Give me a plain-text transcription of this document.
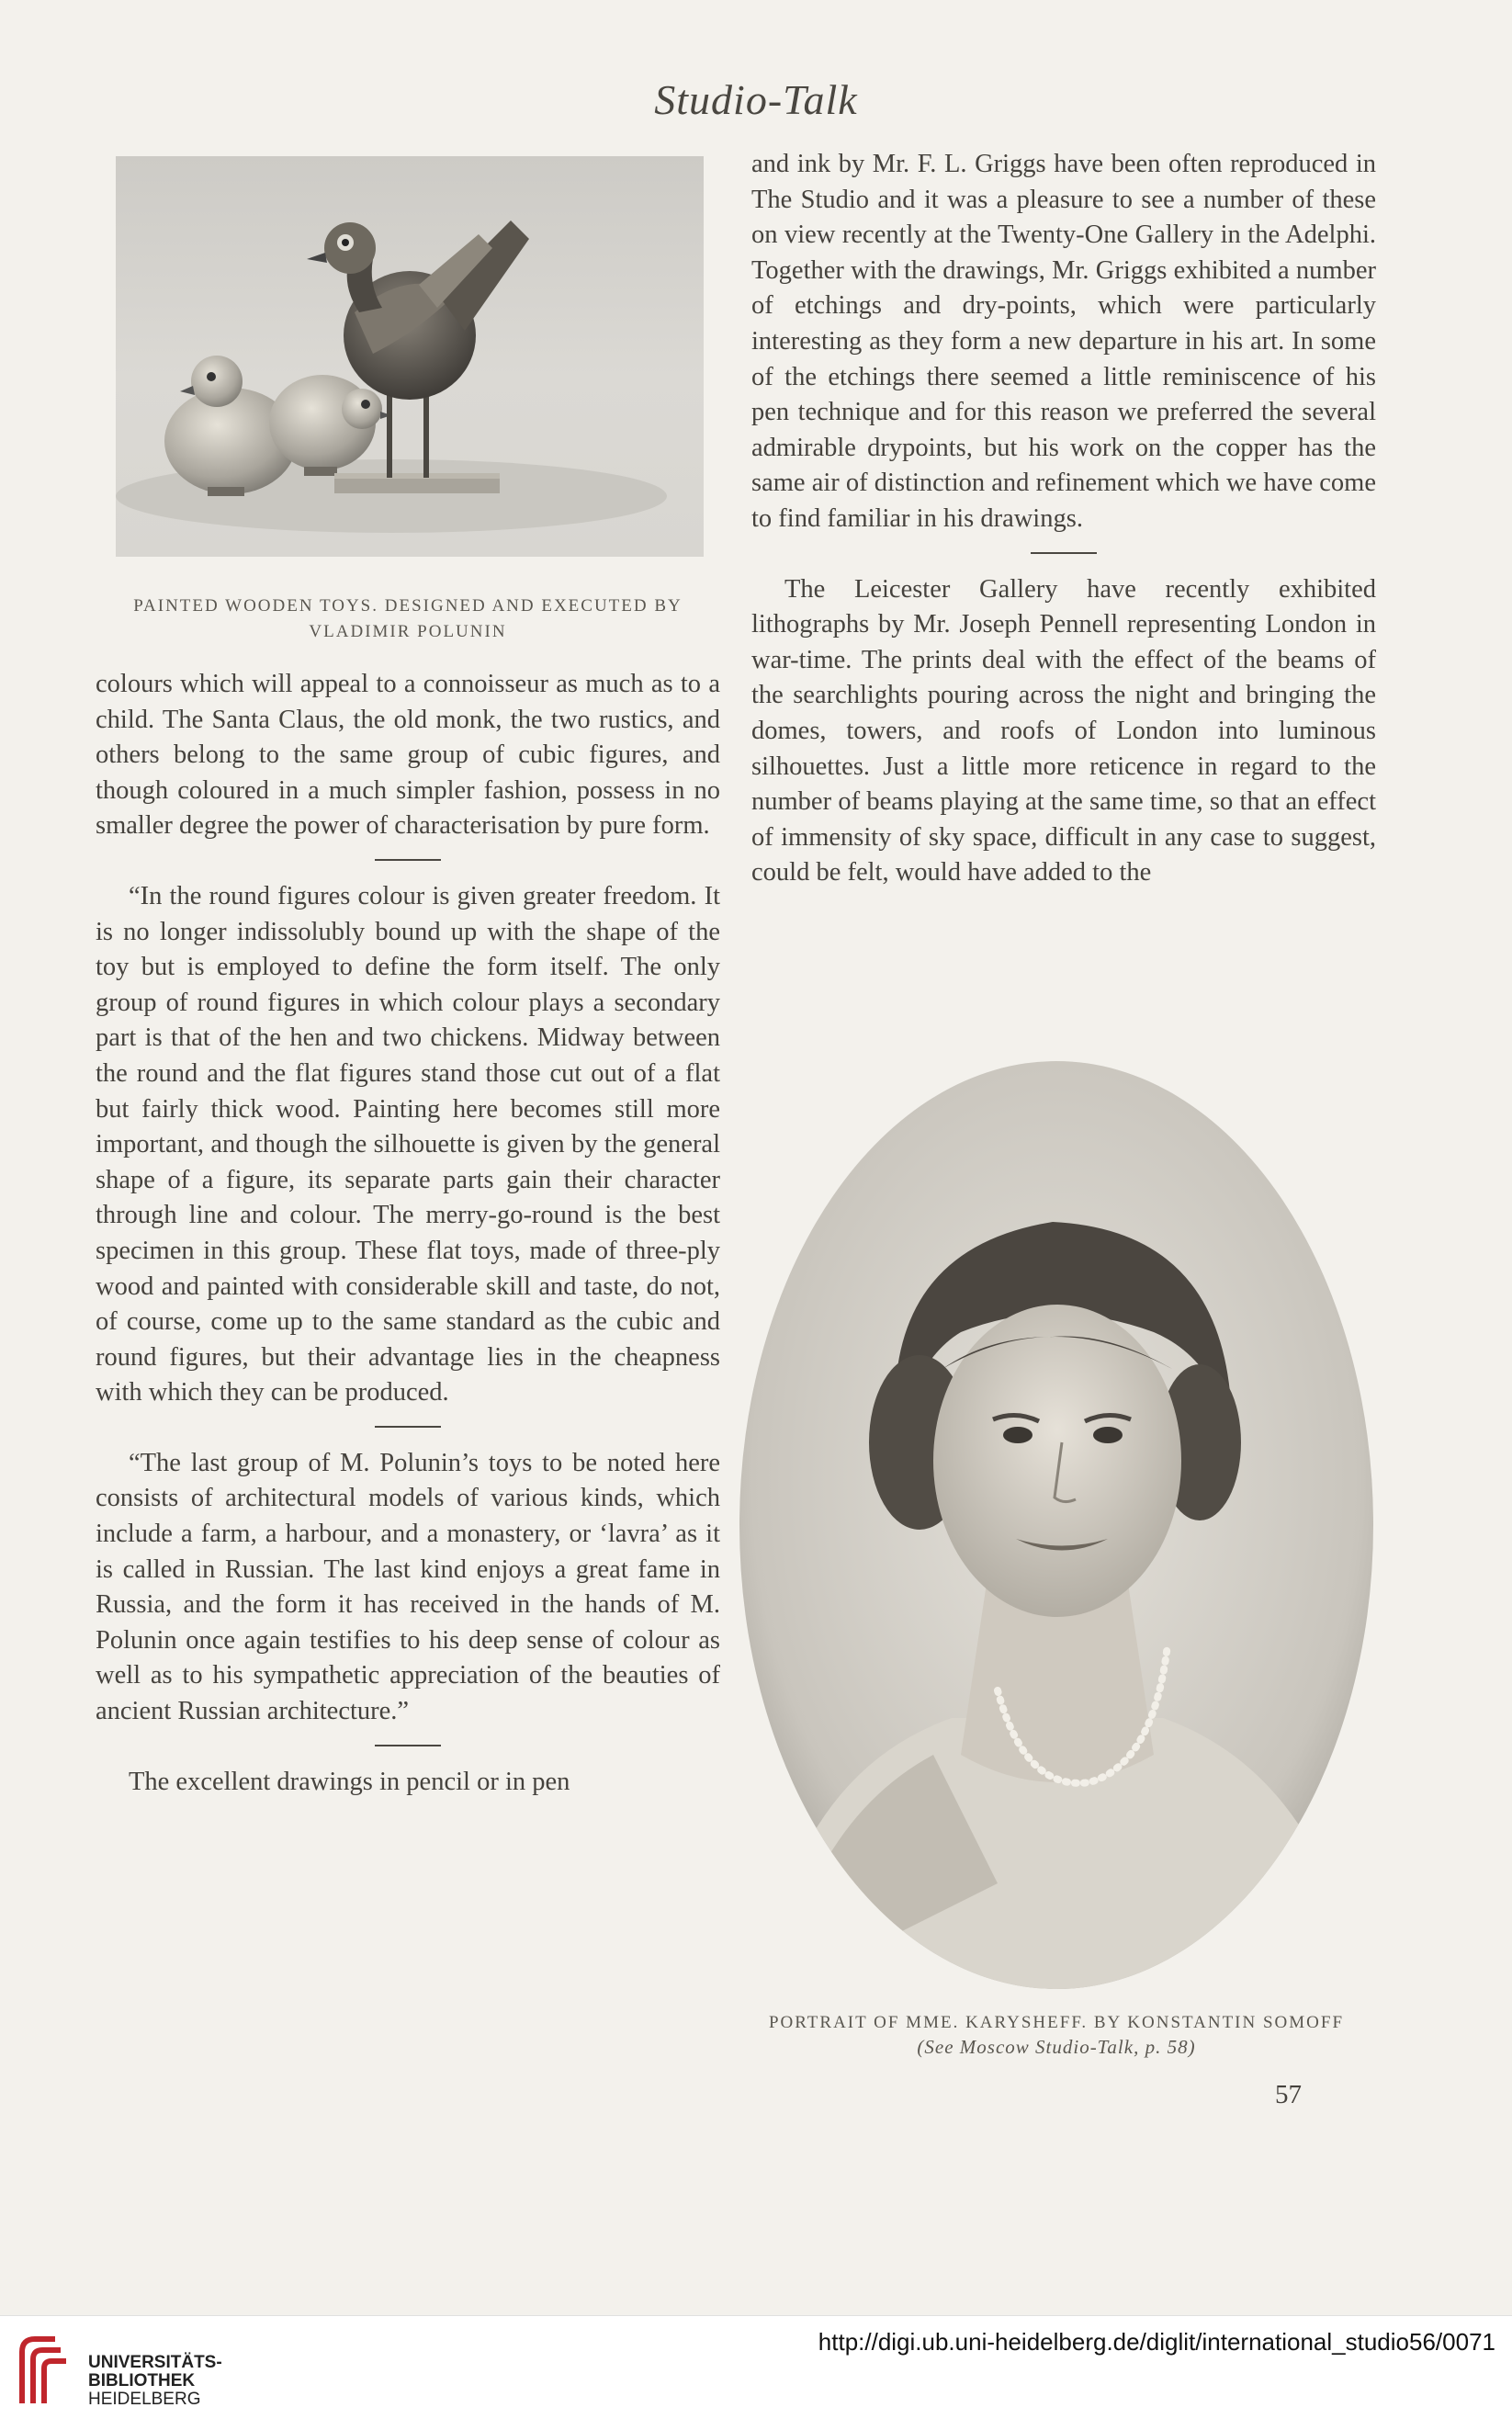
Studio-Talk
PAINTED WOODEN TOYS. DESIGNED AND EXECUTED BY
VLADIMIR POLUNIN

colours which will appeal to a connoisseur as much as to a child. The Santa Claus, the old monk, the two rustics, and others belong to the same group of cubic figures, and though coloured in a much simpler fashion, possess in no smaller degree the power of characterisation by pure form.

“In the round figures colour is given greater freedom. It is no longer indissolubly bound up with the shape of the toy but is employed to define the form itself. The only group of round figures in which colour plays a secondary part is that of the hen and two chickens. Midway between the round and the flat figures stand those cut out of a flat but fairly thick wood. Painting here becomes still more important, and though the silhouette is given by the general shape of a figure, its separate parts gain their character through line and colour. The merry-go-round is the best specimen in this group. These flat toys, made of three-ply wood and painted with considerable skill and taste, do not, of course, come up to the same standard as the cubic and round figures, but their advantage lies in the cheapness with which they can be produced.

“The last group of M. Polunin’s toys to be noted here consists of architectural models of various kinds, which include a farm, a harbour, and a monastery, or ‘lavra’ as it is called in Russian. The last kind enjoys a great fame in Russia, and the form it has received in the hands of M. Polunin once again testifies to his deep sense of colour as well as to his sympathetic appreciation of the beauties of ancient Russian architecture.”

The excellent drawings in pencil or in pen

and ink by Mr. F. L. Griggs have been often reproduced in The Studio and it was a pleasure to see a number of these on view recently at the Twenty-One Gallery in the Adelphi. Together with the drawings, Mr. Griggs exhibited a number of etchings and dry-points, which were particularly interesting as they form a new departure in his art. In some of the etchings there seemed a little reminiscence of his pen technique and for this reason we preferred the several admirable drypoints, but his work on the copper has the same air of distinction and refinement which we have come to find familiar in his drawings.

The Leicester Gallery have recently exhibited lithographs by Mr. Joseph Pennell representing London in war-time. The prints deal with the effect of the beams of the searchlights pouring across the night and bringing the domes, towers, and roofs of London into luminous silhouettes. Just a little more reticence in regard to the number of beams playing at the same time, so that an effect of immensity of sky space, difficult in any case to suggest, could be felt, would have added to the

PORTRAIT OF MME. KARYSHEFF. BY KONSTANTIN SOMOFF
(See Moscow Studio-Talk, p. 58)
57
UNIVERSITÄTS-
BIBLIOTHEK
HEIDELBERG
http://digi.ub.uni-heidelberg.de/diglit/international_studio56/0071
